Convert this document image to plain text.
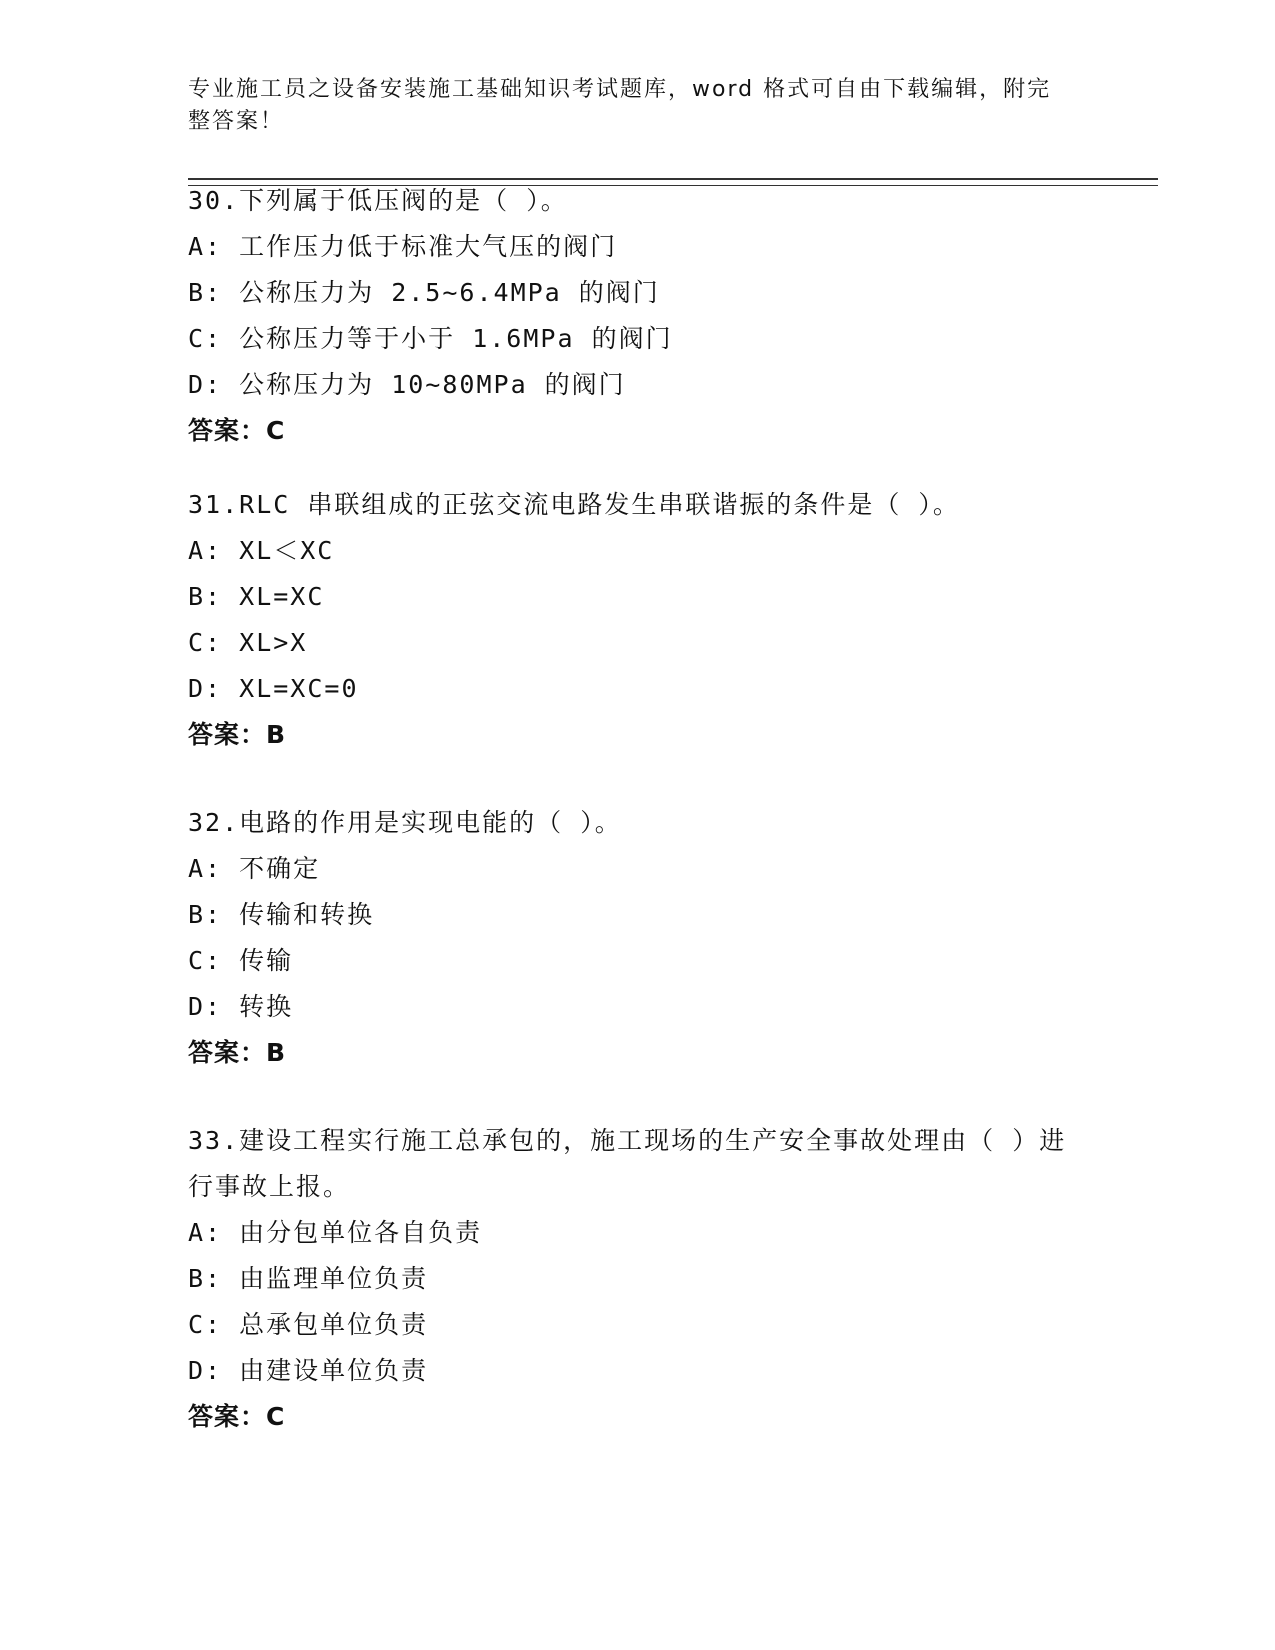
专业施工员之设备安装施工基础知识考试题库，word 格式可自由下载编辑，附完整答案！

30.下列属于低压阀的是（ ）。

A: 工作压力低于标准大气压的阀门

B: 公称压力为 2.5~6.4MPa 的阀门

C: 公称压力等于小于 1.6MPa 的阀门

D: 公称压力为 10~80MPa 的阀门

答案：C

31.RLC 串联组成的正弦交流电路发生串联谐振的条件是（ ）。

A: XL＜XC

B: XL=XC

C: XL>X

D: XL=XC=0

答案：B

32.电路的作用是实现电能的（ ）。

A: 不确定

B: 传输和转换

C: 传输

D: 转换

答案：B

33.建设工程实行施工总承包的，施工现场的生产安全事故处理由（ ）进行事故上报。

A: 由分包单位各自负责

B: 由监理单位负责

C: 总承包单位负责

D: 由建设单位负责

答案：C
